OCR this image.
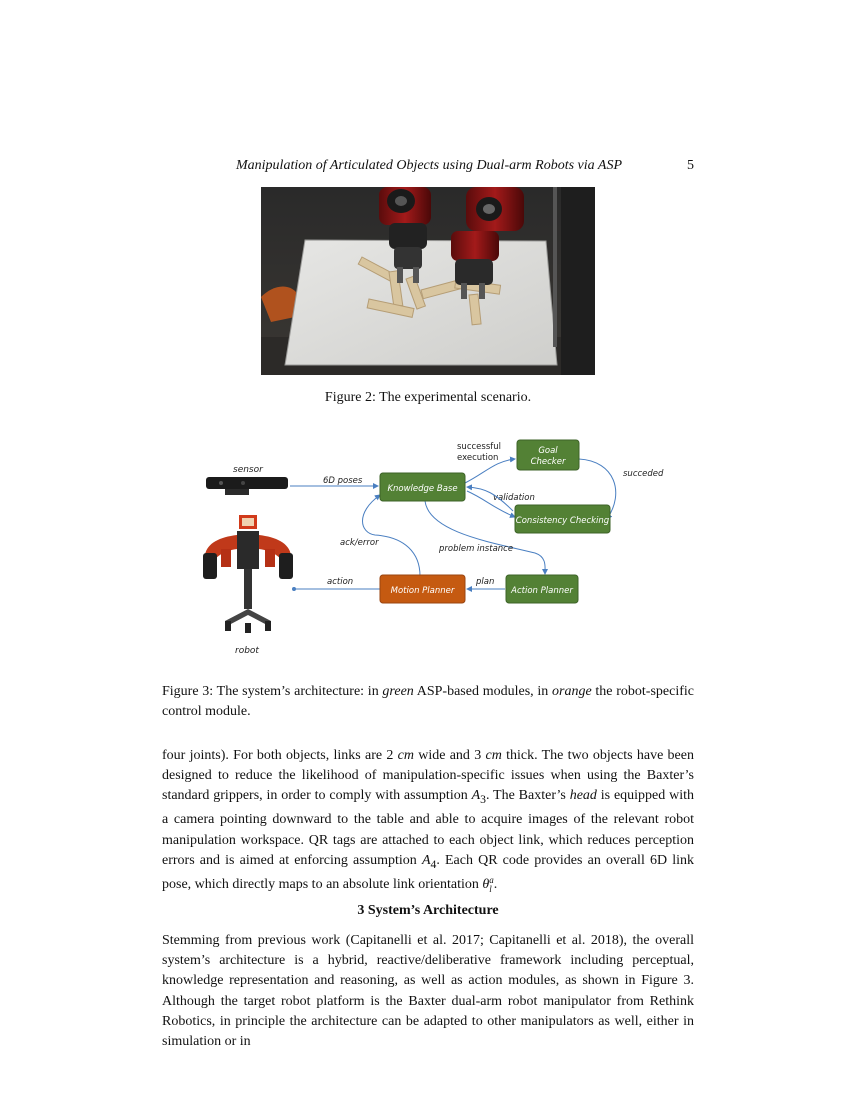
Manipulation of Articulated Objects using Dual-arm Robots via ASP	5
Figure 2: The experimental scenario.
sensor
robot
6D poses
successful
execution
succeded
validation
problem instance
ack/error
plan
action
Knowledge Base
Goal
Checker
Consistency Checking
Motion Planner	Action Planner
Figure 3: The system’s architecture: in green ASP-based modules, in orange the robot-specific control module.
four joints). For both objects, links are 2 cm wide and 3 cm thick. The two objects have been designed to reduce the likelihood of manipulation-specific issues when using the Baxter’s standard grippers, in order to comply with assumption $A_3$. The Baxter’s head is equipped with a camera pointing downward to the table and able to acquire images of the relevant robot manipulation workspace. QR tags are attached to each object link, which reduces perception errors and is aimed at enforcing assumption $A_4$. Each QR code provides an overall 6D link pose, which directly maps to an absolute link orientation θ a
l .
3 System’s Architecture
Stemming from previous work (Capitanelli et al. 2017; Capitanelli et al. 2018), the overall system’s architecture is a hybrid, reactive/deliberative framework including perceptual, knowledge representation and reasoning, as well as action modules, as shown in Figure 3. Although the target robot platform is the Baxter dual-arm robot manipulator from Rethink Robotics, in principle the architecture can be adapted to other manipulators as well, either in simulation or in
